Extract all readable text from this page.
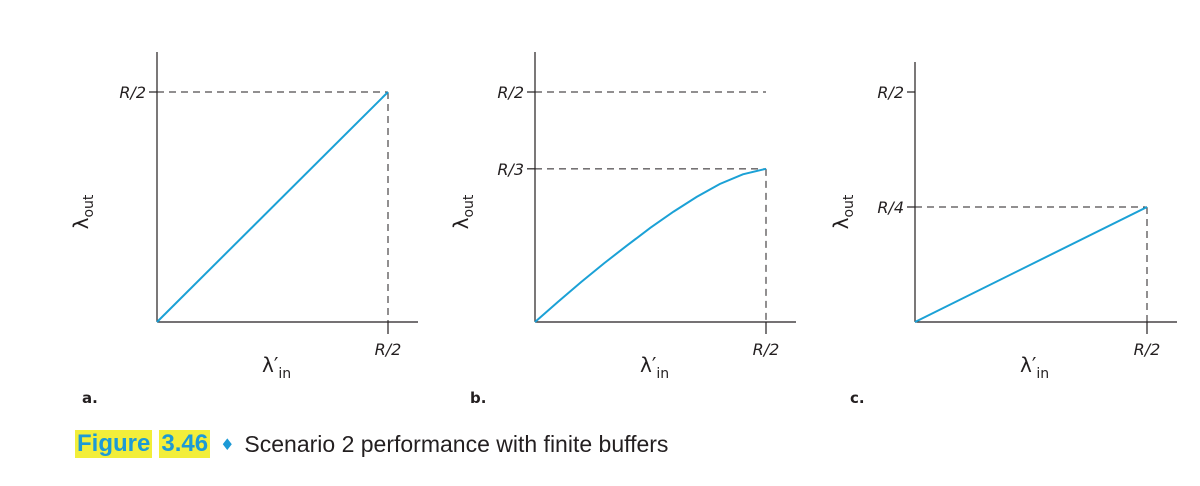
R/2
R/2
$\lambda_{out}$
$\lambda'_{in}$
a.
R/2
R/3
R/2
$\lambda_{out}$
$\lambda'_{in}$
b.
R/2
R/4
R/2
$\lambda_{out}$
$\lambda'_{in}$
c.
Figure 3.46 ♦ Scenario 2 performance with finite buffers
